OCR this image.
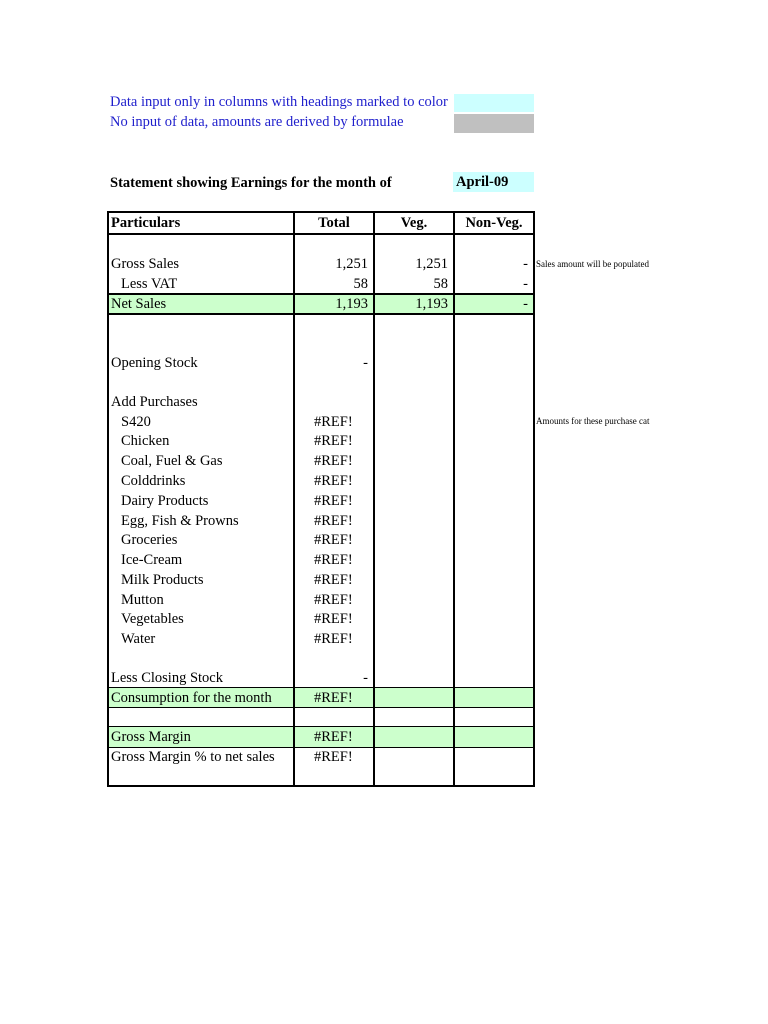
Data input only in columns with headings marked to color
No input of data, amounts are derived by formulae
Statement showing Earnings for the month of	April-09
Particulars	Total	Veg.	Non-Veg.
Gross Sales	1,251	1,251	-
Less VAT	58	58	-
Net Sales	1,193	1,193	-
Opening Stock	-
Add Purchases
S420	#REF!
Chicken	#REF!
Coal, Fuel & Gas	#REF!
Colddrinks	#REF!
Dairy Products	#REF!
Egg, Fish & Prowns	#REF!
Groceries	#REF!
Ice-Cream	#REF!
Milk Products	#REF!
Mutton	#REF!
Vegetables	#REF!
Water	#REF!
Less Closing Stock	-
Consumption for the month	#REF!
Gross Margin	#REF!
Gross Margin % to net sales	#REF!
Sales amount will be populated
Amounts for these purchase cat
